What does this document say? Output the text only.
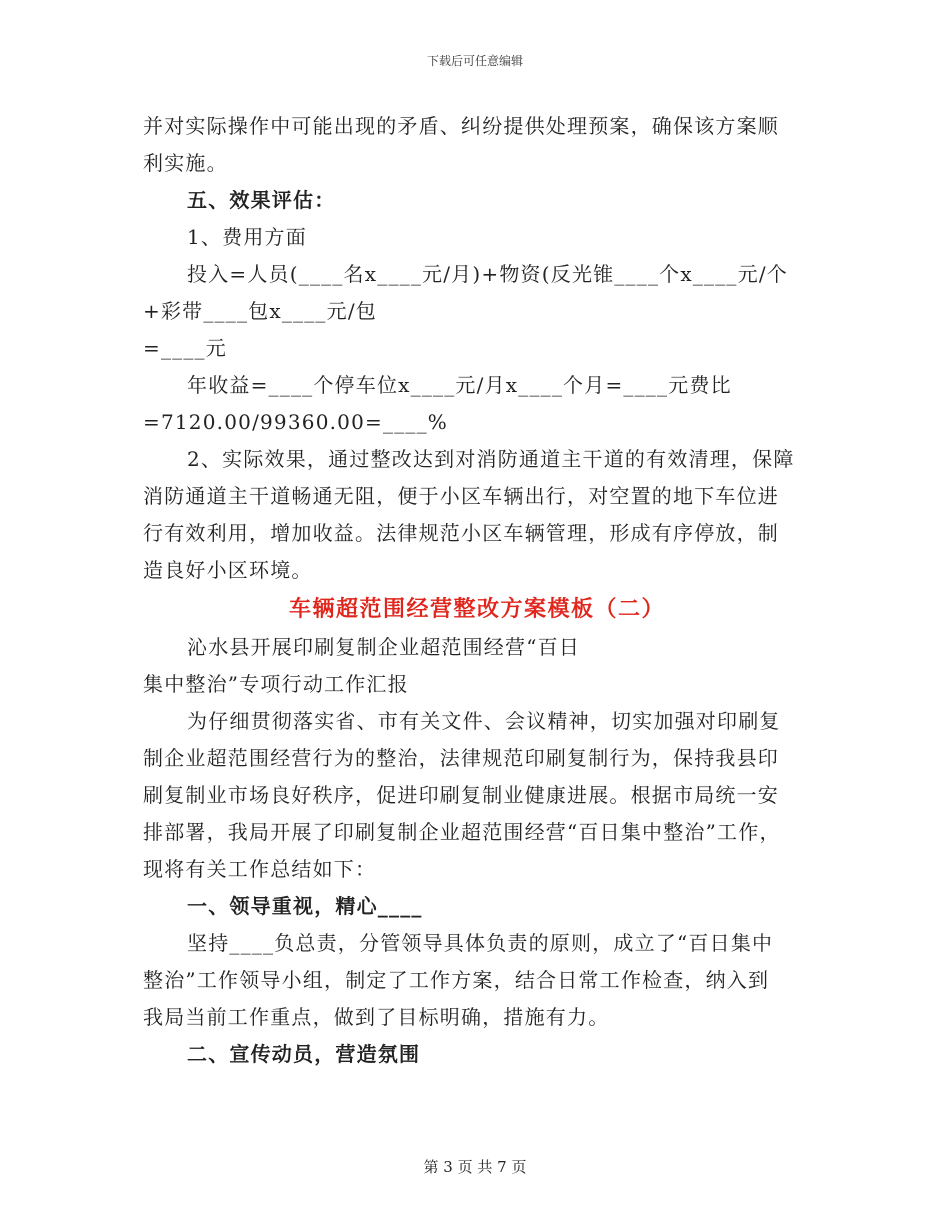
下载后可任意编辑
并对实际操作中可能出现的矛盾、纠纷提供处理预案，确保该方案顺
利实施。
五、效果评估：
1、费用方面
投入=人员(____名x____元/月)+物资(反光锥____个x____元/个
+彩带____包x____元/包
=____元
年收益=____个停车位x____元/月x____个月=____元费比
=7120.00/99360.00=____%
2、实际效果，通过整改达到对消防通道主干道的有效清理，保障
消防通道主干道畅通无阻，便于小区车辆出行，对空置的地下车位进
行有效利用，增加收益。法律规范小区车辆管理，形成有序停放，制
造良好小区环境。
车辆超范围经营整改方案模板（二）
沁水县开展印刷复制企业超范围经营“百日
集中整治”专项行动工作汇报
为仔细贯彻落实省、市有关文件、会议精神，切实加强对印刷复
制企业超范围经营行为的整治，法律规范印刷复制行为，保持我县印
刷复制业市场良好秩序，促进印刷复制业健康进展。根据市局统一安
排部署，我局开展了印刷复制企业超范围经营“百日集中整治”工作，
现将有关工作总结如下：
一、领导重视，精心____
坚持____负总责，分管领导具体负责的原则，成立了“百日集中
整治”工作领导小组，制定了工作方案，结合日常工作检查，纳入到
我局当前工作重点，做到了目标明确，措施有力。
二、宣传动员，营造氛围
第 3 页 共 7 页
